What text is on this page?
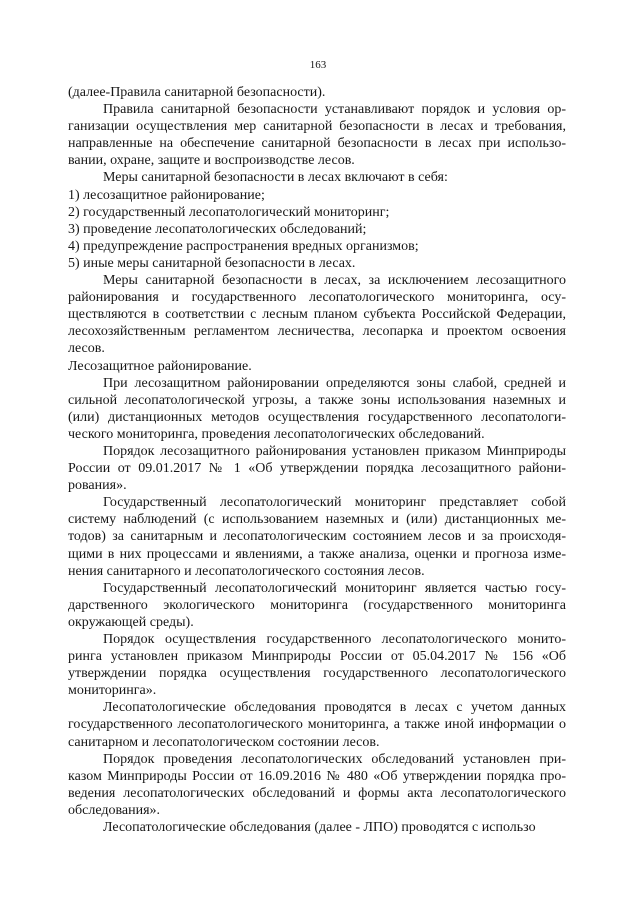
163

(далее-Правила санитарной безопасности).

Правила санитарной безопасности устанавливают порядок и условия организации осуществления мер санитарной безопасности в лесах и требования, направленные на обеспечение санитарной безопасности в лесах при использовании, охране, защите и воспроизводстве лесов.

Меры санитарной безопасности в лесах включают в себя:

1) лесозащитное районирование;

2) государственный лесопатологический мониторинг;

3) проведение лесопатологических обследований;

4) предупреждение распространения вредных организмов;

5) иные меры санитарной безопасности в лесах.

Меры санитарной безопасности в лесах, за исключением лесозащитного районирования и государственного лесопатологического мониторинга, осуществляются в соответствии с лесным планом субъекта Российской Федерации, лесохозяйственным регламентом лесничества, лесопарка и проектом освоения лесов.

Лесозащитное районирование.

При лесозащитном районировании определяются зоны слабой, средней и сильной лесопатологической угрозы, а также зоны использования наземных и (или) дистанционных методов осуществления государственного лесопатологического мониторинга, проведения лесопатологических обследований.

Порядок лесозащитного районирования установлен приказом Минприроды России от 09.01.2017 № 1 «Об утверждении порядка лесозащитного районирования».

Государственный лесопатологический мониторинг представляет собой систему наблюдений (с использованием наземных и (или) дистанционных методов) за санитарным и лесопатологическим состоянием лесов и за происходящими в них процессами и явлениями, а также анализа, оценки и прогноза изменения санитарного и лесопатологического состояния лесов.

Государственный лесопатологический мониторинг является частью государственного экологического мониторинга (государственного мониторинга окружающей среды).

Порядок осуществления государственного лесопатологического мониторинга установлен приказом Минприроды России от 05.04.2017 № 156 «Об утверждении порядка осуществления государственного лесопатологического мониторинга».

Лесопатологические обследования проводятся в лесах с учетом данных государственного лесопатологического мониторинга, а также иной информации о санитарном и лесопатологическом состоянии лесов.

Порядок проведения лесопатологических обследований установлен приказом Минприроды России от 16.09.2016 № 480 «Об утверждении порядка проведения лесопатологических обследований и формы акта лесопатологического обследования».

Лесопатологические обследования (далее - ЛПО) проводятся с использо
